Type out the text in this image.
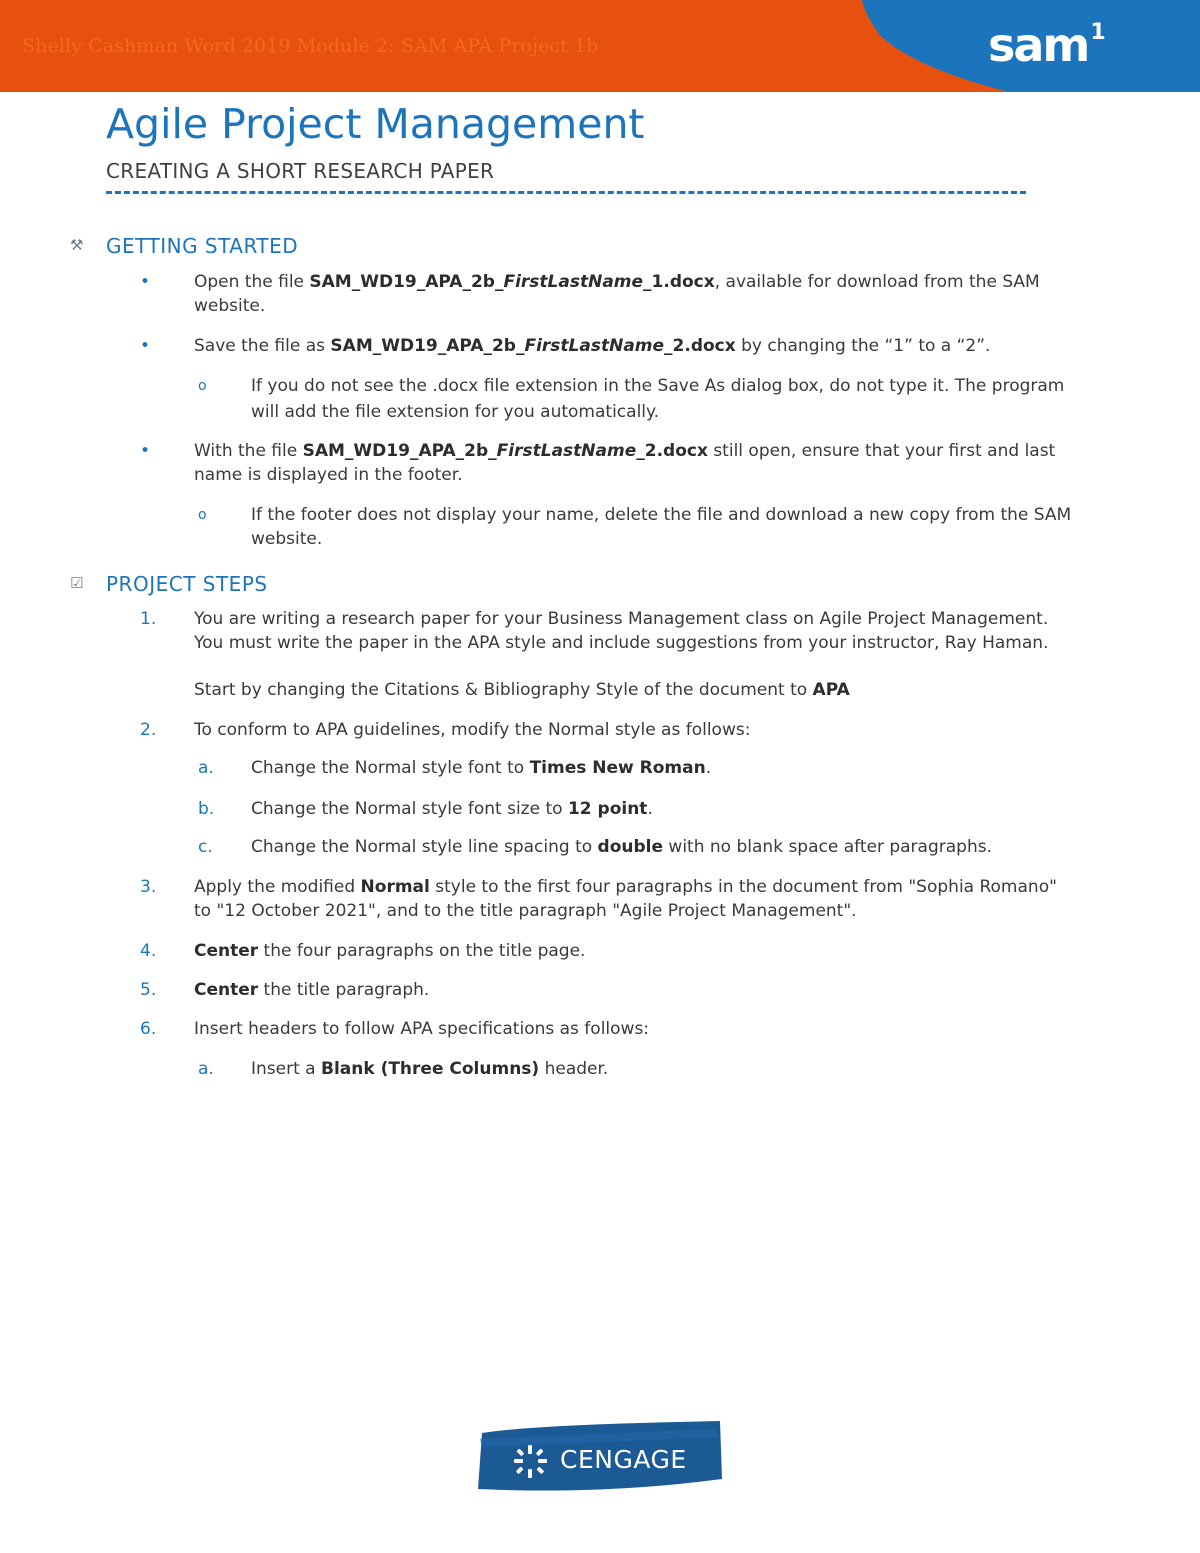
Shelly Cashman Word 2019 Module 2: SAM APA Project 1b	sam$^1$
Agile Project Management
CREATING A SHORT RESEARCH PAPER
⚒ GETTING STARTED
•	Open the file SAM_WD19_APA_2b_FirstLastName_1.docx, available for download from the SAM website.
•	Save the file as SAM_WD19_APA_2b_FirstLastName_2.docx by changing the “1” to a “2”.
o	If you do not see the .docx file extension in the Save As dialog box, do not type it. The program will add the file extension for you automatically.
•	With the file SAM_WD19_APA_2b_FirstLastName_2.docx still open, ensure that your first and last name is displayed in the footer.
o	If the footer does not display your name, delete the file and download a new copy from the SAM website.
☑ PROJECT STEPS
1. You are writing a research paper for your Business Management class on Agile Project Management. You must write the paper in the APA style and include suggestions from your instructor, Ray Haman.
Start by changing the Citations & Bibliography Style of the document to APA
2. To conform to APA guidelines, modify the Normal style as follows:
a. Change the Normal style font to Times New Roman.
b. Change the Normal style font size to 12 point.
c. Change the Normal style line spacing to double with no blank space after paragraphs.
3. Apply the modified Normal style to the first four paragraphs in the document from "Sophia Romano" to "12 October 2021", and to the title paragraph "Agile Project Management".
4. Center the four paragraphs on the title page.
5. Center the title paragraph.
6. Insert headers to follow APA specifications as follows:
a. Insert a Blank (Three Columns) header.
CENGAGE
